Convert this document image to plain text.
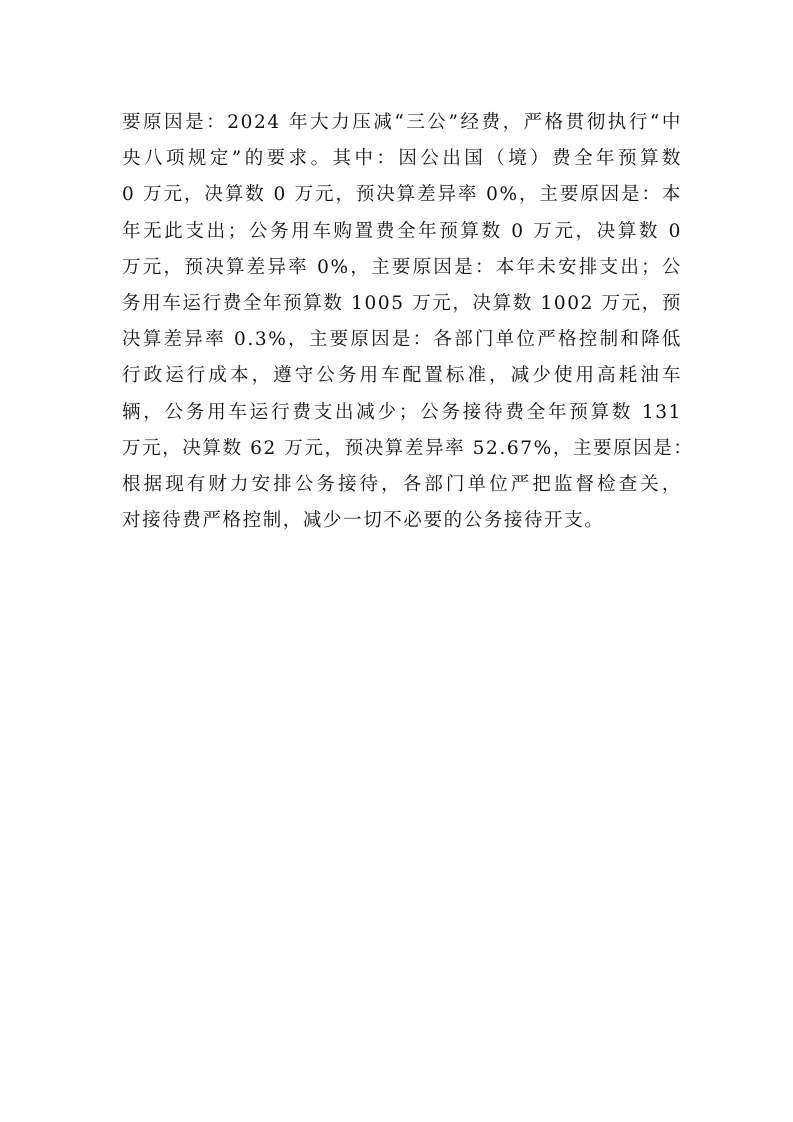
要原因是：2024 年大力压减“三公”经费，严格贯彻执行“中
央八项规定”的要求。其中：因公出国（境）费全年预算数
0 万元，决算数 0 万元，预决算差异率 0%，主要原因是：本
年无此支出；公务用车购置费全年预算数 0 万元，决算数 0
万元，预决算差异率 0%，主要原因是：本年未安排支出；公
务用车运行费全年预算数 1005 万元，决算数 1002 万元，预
决算差异率 0.3%，主要原因是：各部门单位严格控制和降低
行政运行成本，遵守公务用车配置标准，减少使用高耗油车
辆，公务用车运行费支出减少；公务接待费全年预算数 131
万元，决算数 62 万元，预决算差异率 52.67%，主要原因是：
根据现有财力安排公务接待，各部门单位严把监督检查关，
对接待费严格控制，减少一切不必要的公务接待开支。
